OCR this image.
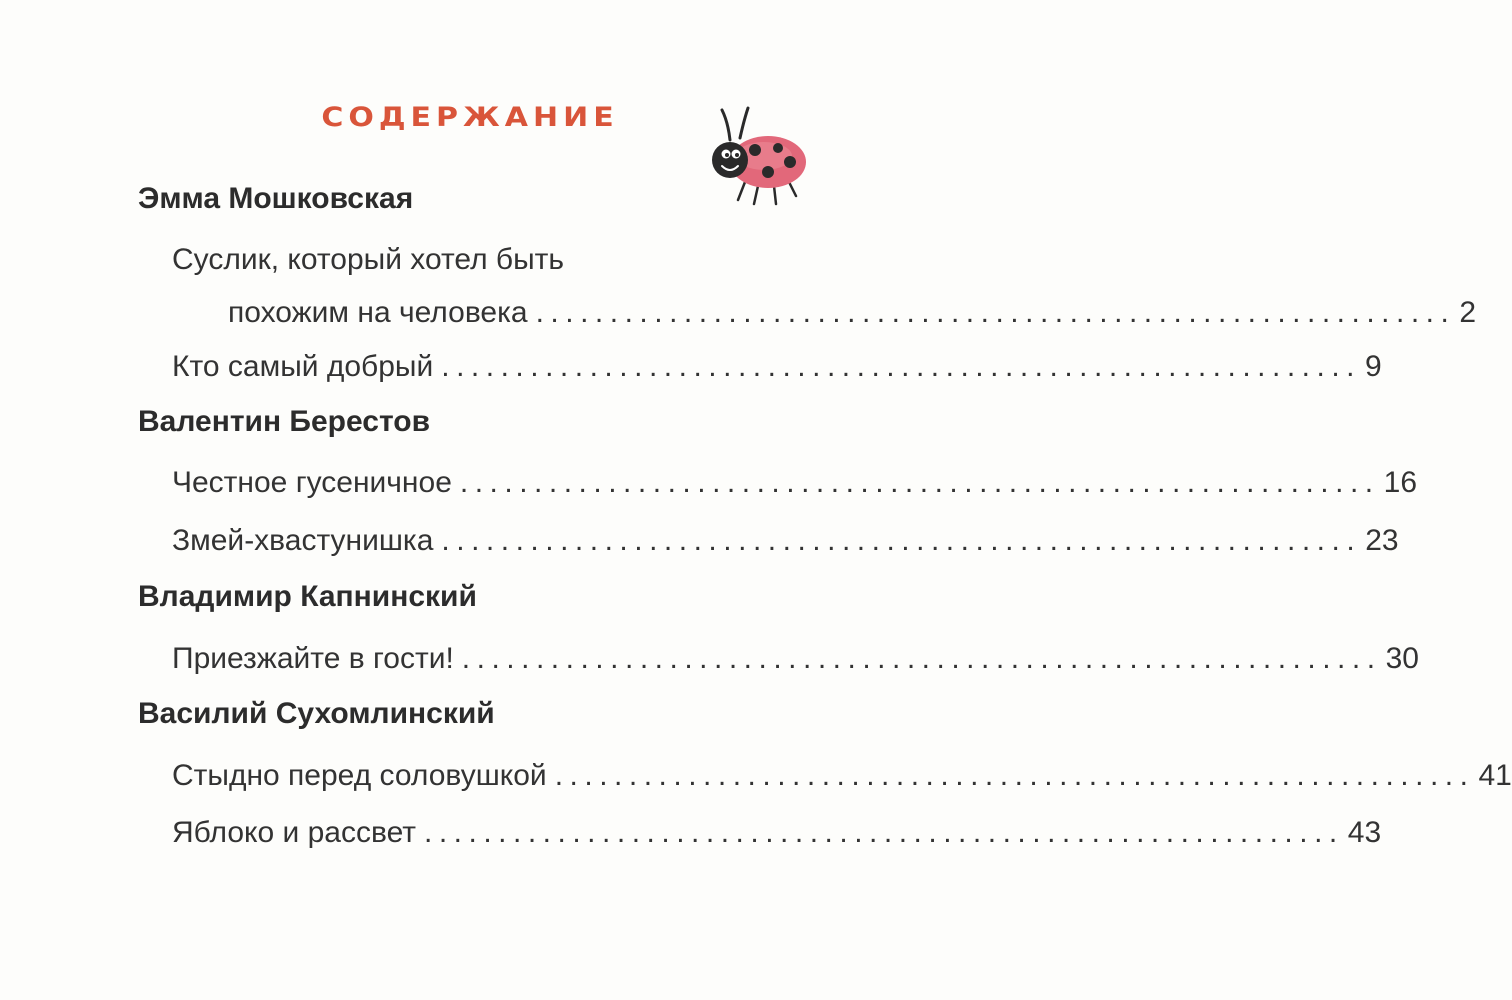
СОДЕРЖАНИЕ
Эмма Мошковская
Суслик, который хотел быть
похожим на человека .............................................................. 2
Кто самый добрый .............................................................. 9
Валентин Берестов
Честное гусеничное .............................................................. 16
Змей-хвастунишка .............................................................. 23
Владимир Капнинский
Приезжайте в гости! .............................................................. 30
Василий Сухомлинский
Стыдно перед соловушкой .............................................................. 41
Яблоко и рассвет .............................................................. 43
